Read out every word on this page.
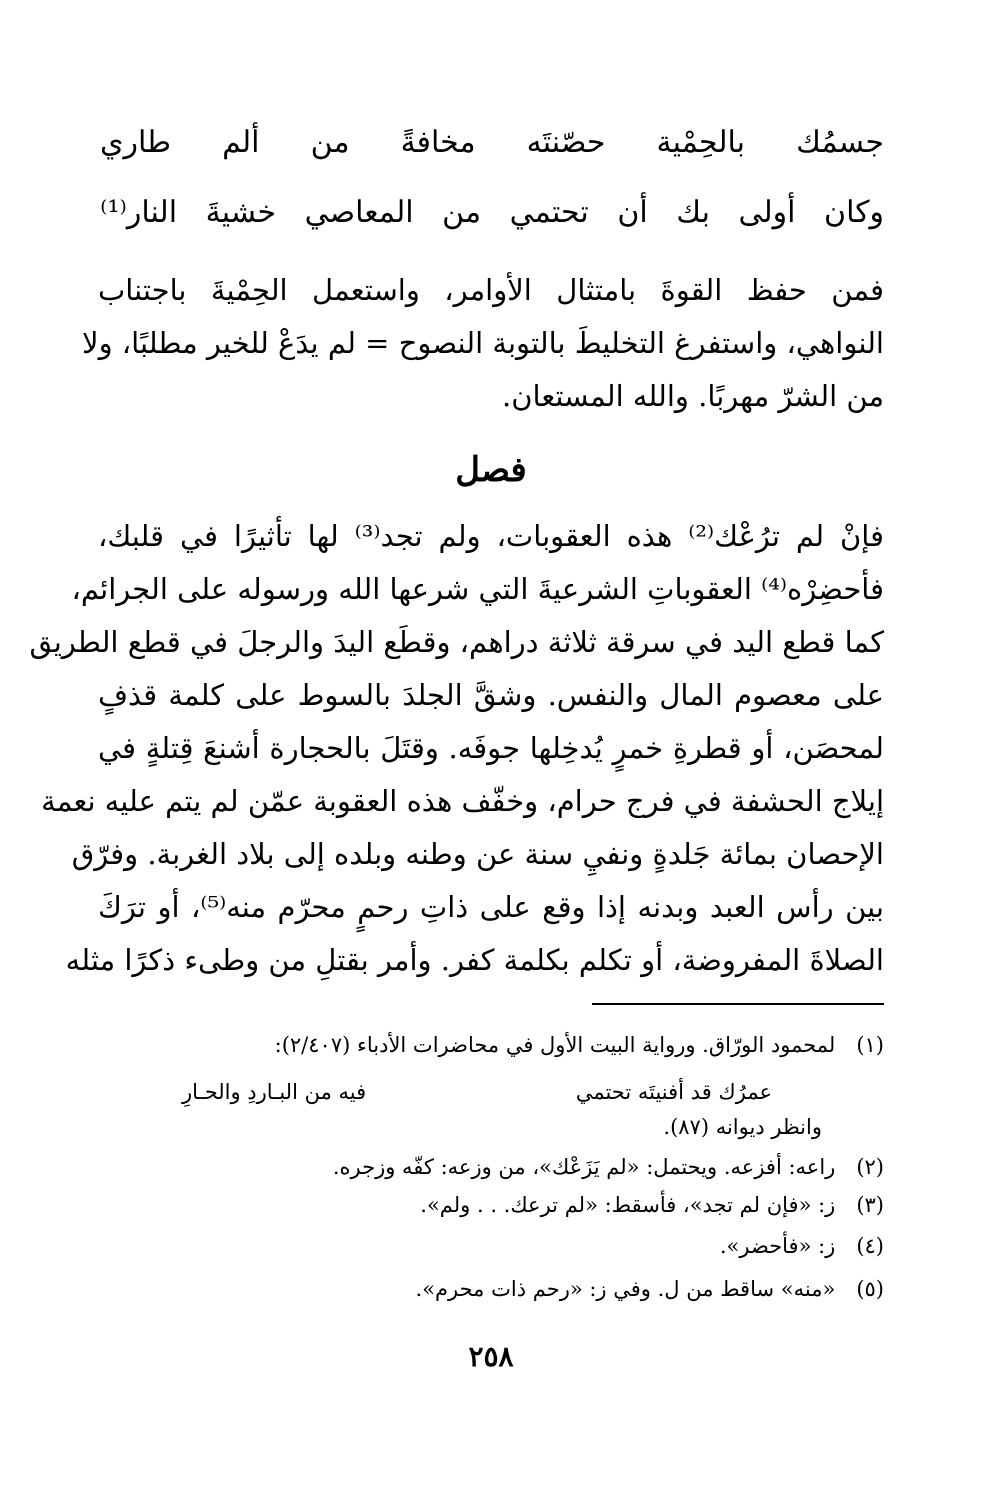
جسمُك
بالحِمْية
حصّنتَه
مخافةً
من
ألم
طاري
وكان
أولى
بك
أن
تحتمي
من
المعاصي
خشيةَ
النار⁽¹⁾
فمن حفظ القوةَ بامتثال الأوامر، واستعمل الحِمْيةَ باجتناب
النواهي، واستفرغ التخليطَ بالتوبة النصوح = لم يدَعْ للخير مطلبًا، ولا
من الشرّ مهربًا. والله المستعان.
فصل
فإنْ لم ترُعْك⁽²⁾ هذه العقوبات، ولم تجد⁽³⁾ لها تأثيرًا في قلبك،
فأحضِرْه⁽⁴⁾ العقوباتِ الشرعيةَ التي شرعها الله ورسوله على الجرائم،
كما قطع اليد في سرقة ثلاثة دراهم، وقطَع اليدَ والرجلَ في قطع الطريق
على معصوم المال والنفس. وشقَّ الجلدَ بالسوط على كلمة قذفٍ
لمحصَن، أو قطرةِ خمرٍ يُدخِلها جوفَه. وقتَلَ بالحجارة أشنعَ قِتلةٍ في
إيلاج الحشفة في فرج حرام، وخفّف هذه العقوبة عمّن لم يتم عليه نعمة
الإحصان بمائة جَلدةٍ ونفيِ سنة عن وطنه وبلده إلى بلاد الغربة. وفرّق
بين رأس العبد وبدنه إذا وقع على ذاتِ رحمٍ محرّم منه⁽⁵⁾، أو ترَكَ
الصلاةَ المفروضة، أو تكلم بكلمة كفر. وأمر بقتلِ من وطىء ذكرًا مثله
(١) لمحمود الورّاق. ورواية البيت الأول في محاضرات الأدباء (٢/٤٠٧):
عمرُك قد أفنيتَه تحتمي
فيه من البـاردِ والحـارِ
وانظر ديوانه (٨٧).
(٢) راعه: أفزعه. ويحتمل: «لم يَزَعْك»، من وزعه: كفّه وزجره.
(٣) ز: «فإن لم تجد»، فأسقط: «لم ترعك. . . ولم».
(٤) ز: «فأحضر».
(٥) «منه» ساقط من ل. وفي ز: «رحم ذات محرم».
٢٥٨
